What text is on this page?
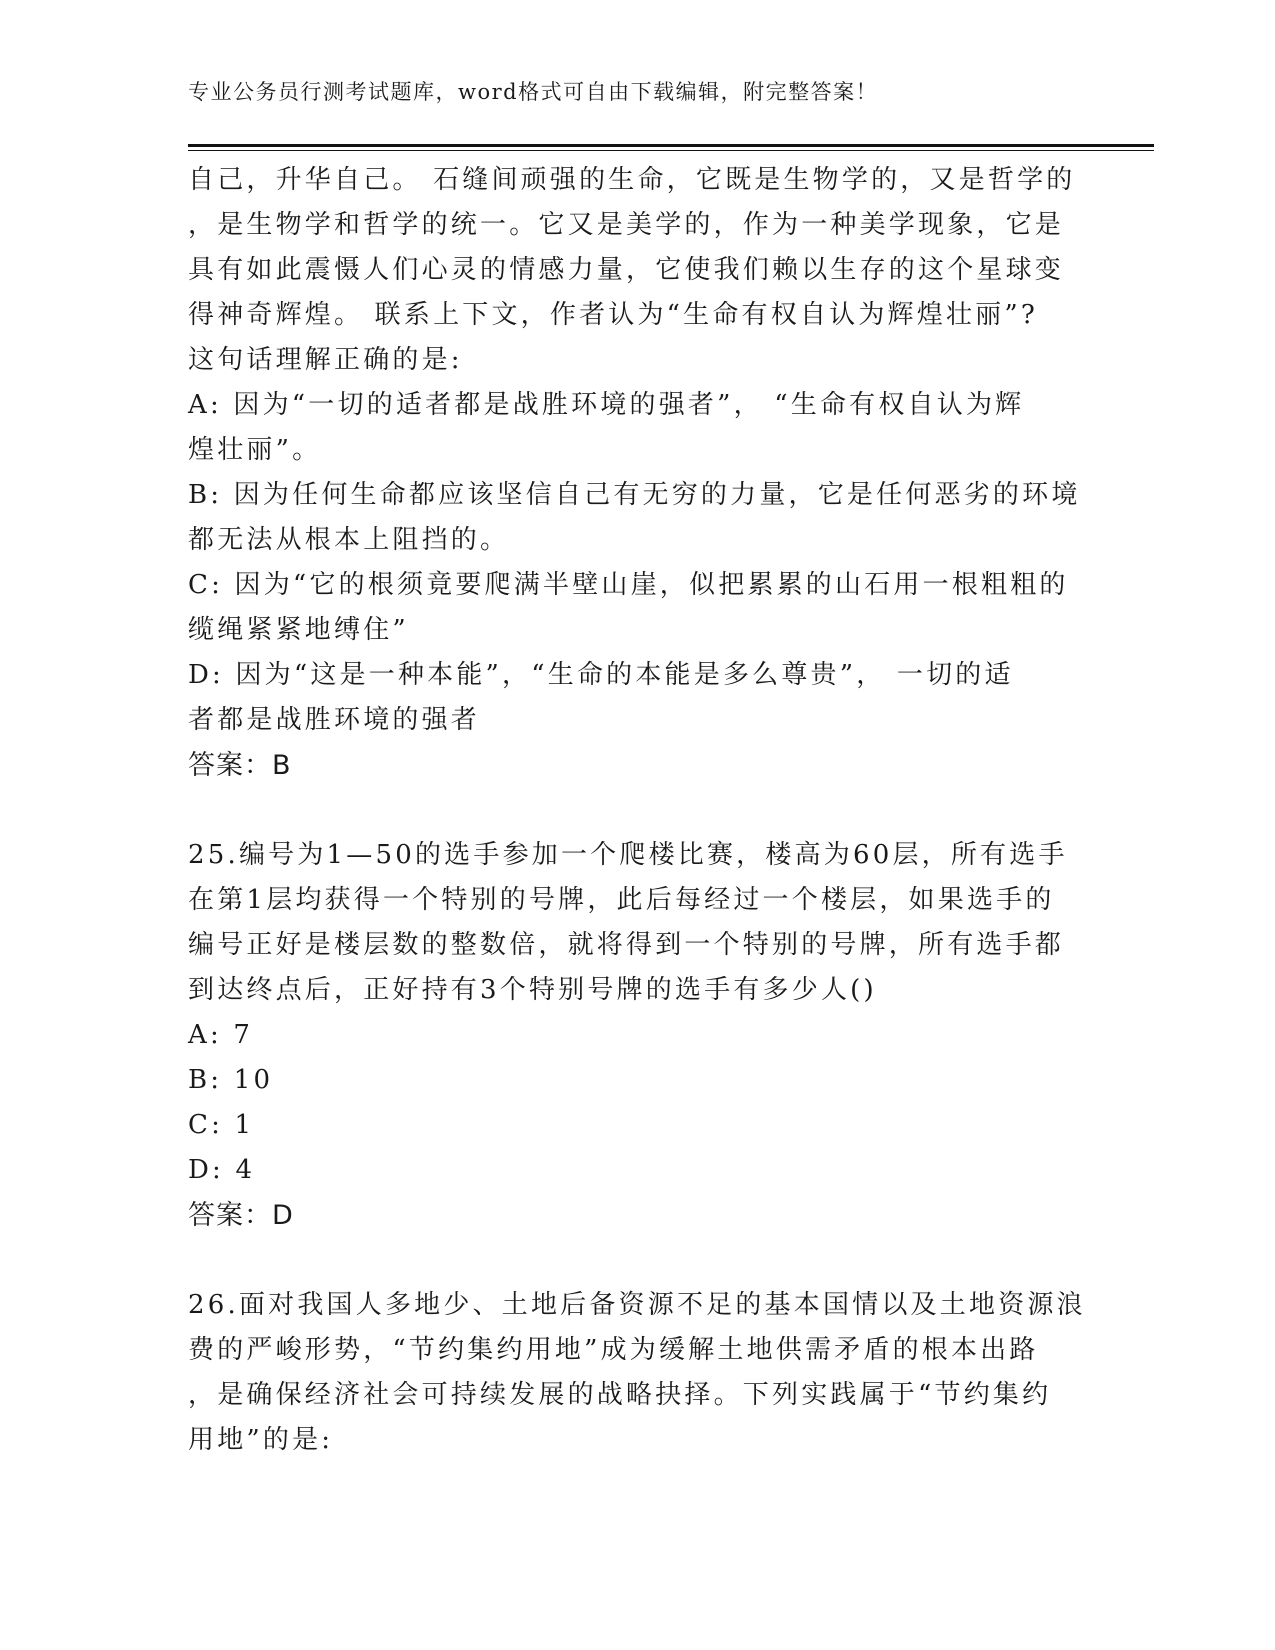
专业公务员行测考试题库，word格式可自由下载编辑，附完整答案！
自己，升华自己。 石缝间顽强的生命，它既是生物学的，又是哲学的
，是生物学和哲学的统一。它又是美学的，作为一种美学现象，它是
具有如此震慑人们心灵的情感力量，它使我们赖以生存的这个星球变
得神奇辉煌。 联系上下文，作者认为“生命有权自认为辉煌壮丽”?
这句话理解正确的是:
A: 因为“一切的适者都是战胜环境的强者”， “生命有权自认为辉
煌壮丽”。
B: 因为任何生命都应该坚信自己有无穷的力量，它是任何恶劣的环境
都无法从根本上阻挡的。
C: 因为“它的根须竟要爬满半壁山崖，似把累累的山石用一根粗粗的
缆绳紧紧地缚住”
D: 因为“这是一种本能”，“生命的本能是多么尊贵”， 一切的适
者都是战胜环境的强者
答案：B
25.编号为1—50的选手参加一个爬楼比赛，楼高为60层，所有选手
在第1层均获得一个特别的号牌，此后每经过一个楼层，如果选手的
编号正好是楼层数的整数倍，就将得到一个特别的号牌，所有选手都
到达终点后，正好持有3个特别号牌的选手有多少人()
A: 7
B: 10
C: 1
D: 4
答案：D
26.面对我国人多地少、土地后备资源不足的基本国情以及土地资源浪
费的严峻形势，“节约集约用地”成为缓解土地供需矛盾的根本出路
，是确保经济社会可持续发展的战略抉择。下列实践属于“节约集约
用地”的是:
